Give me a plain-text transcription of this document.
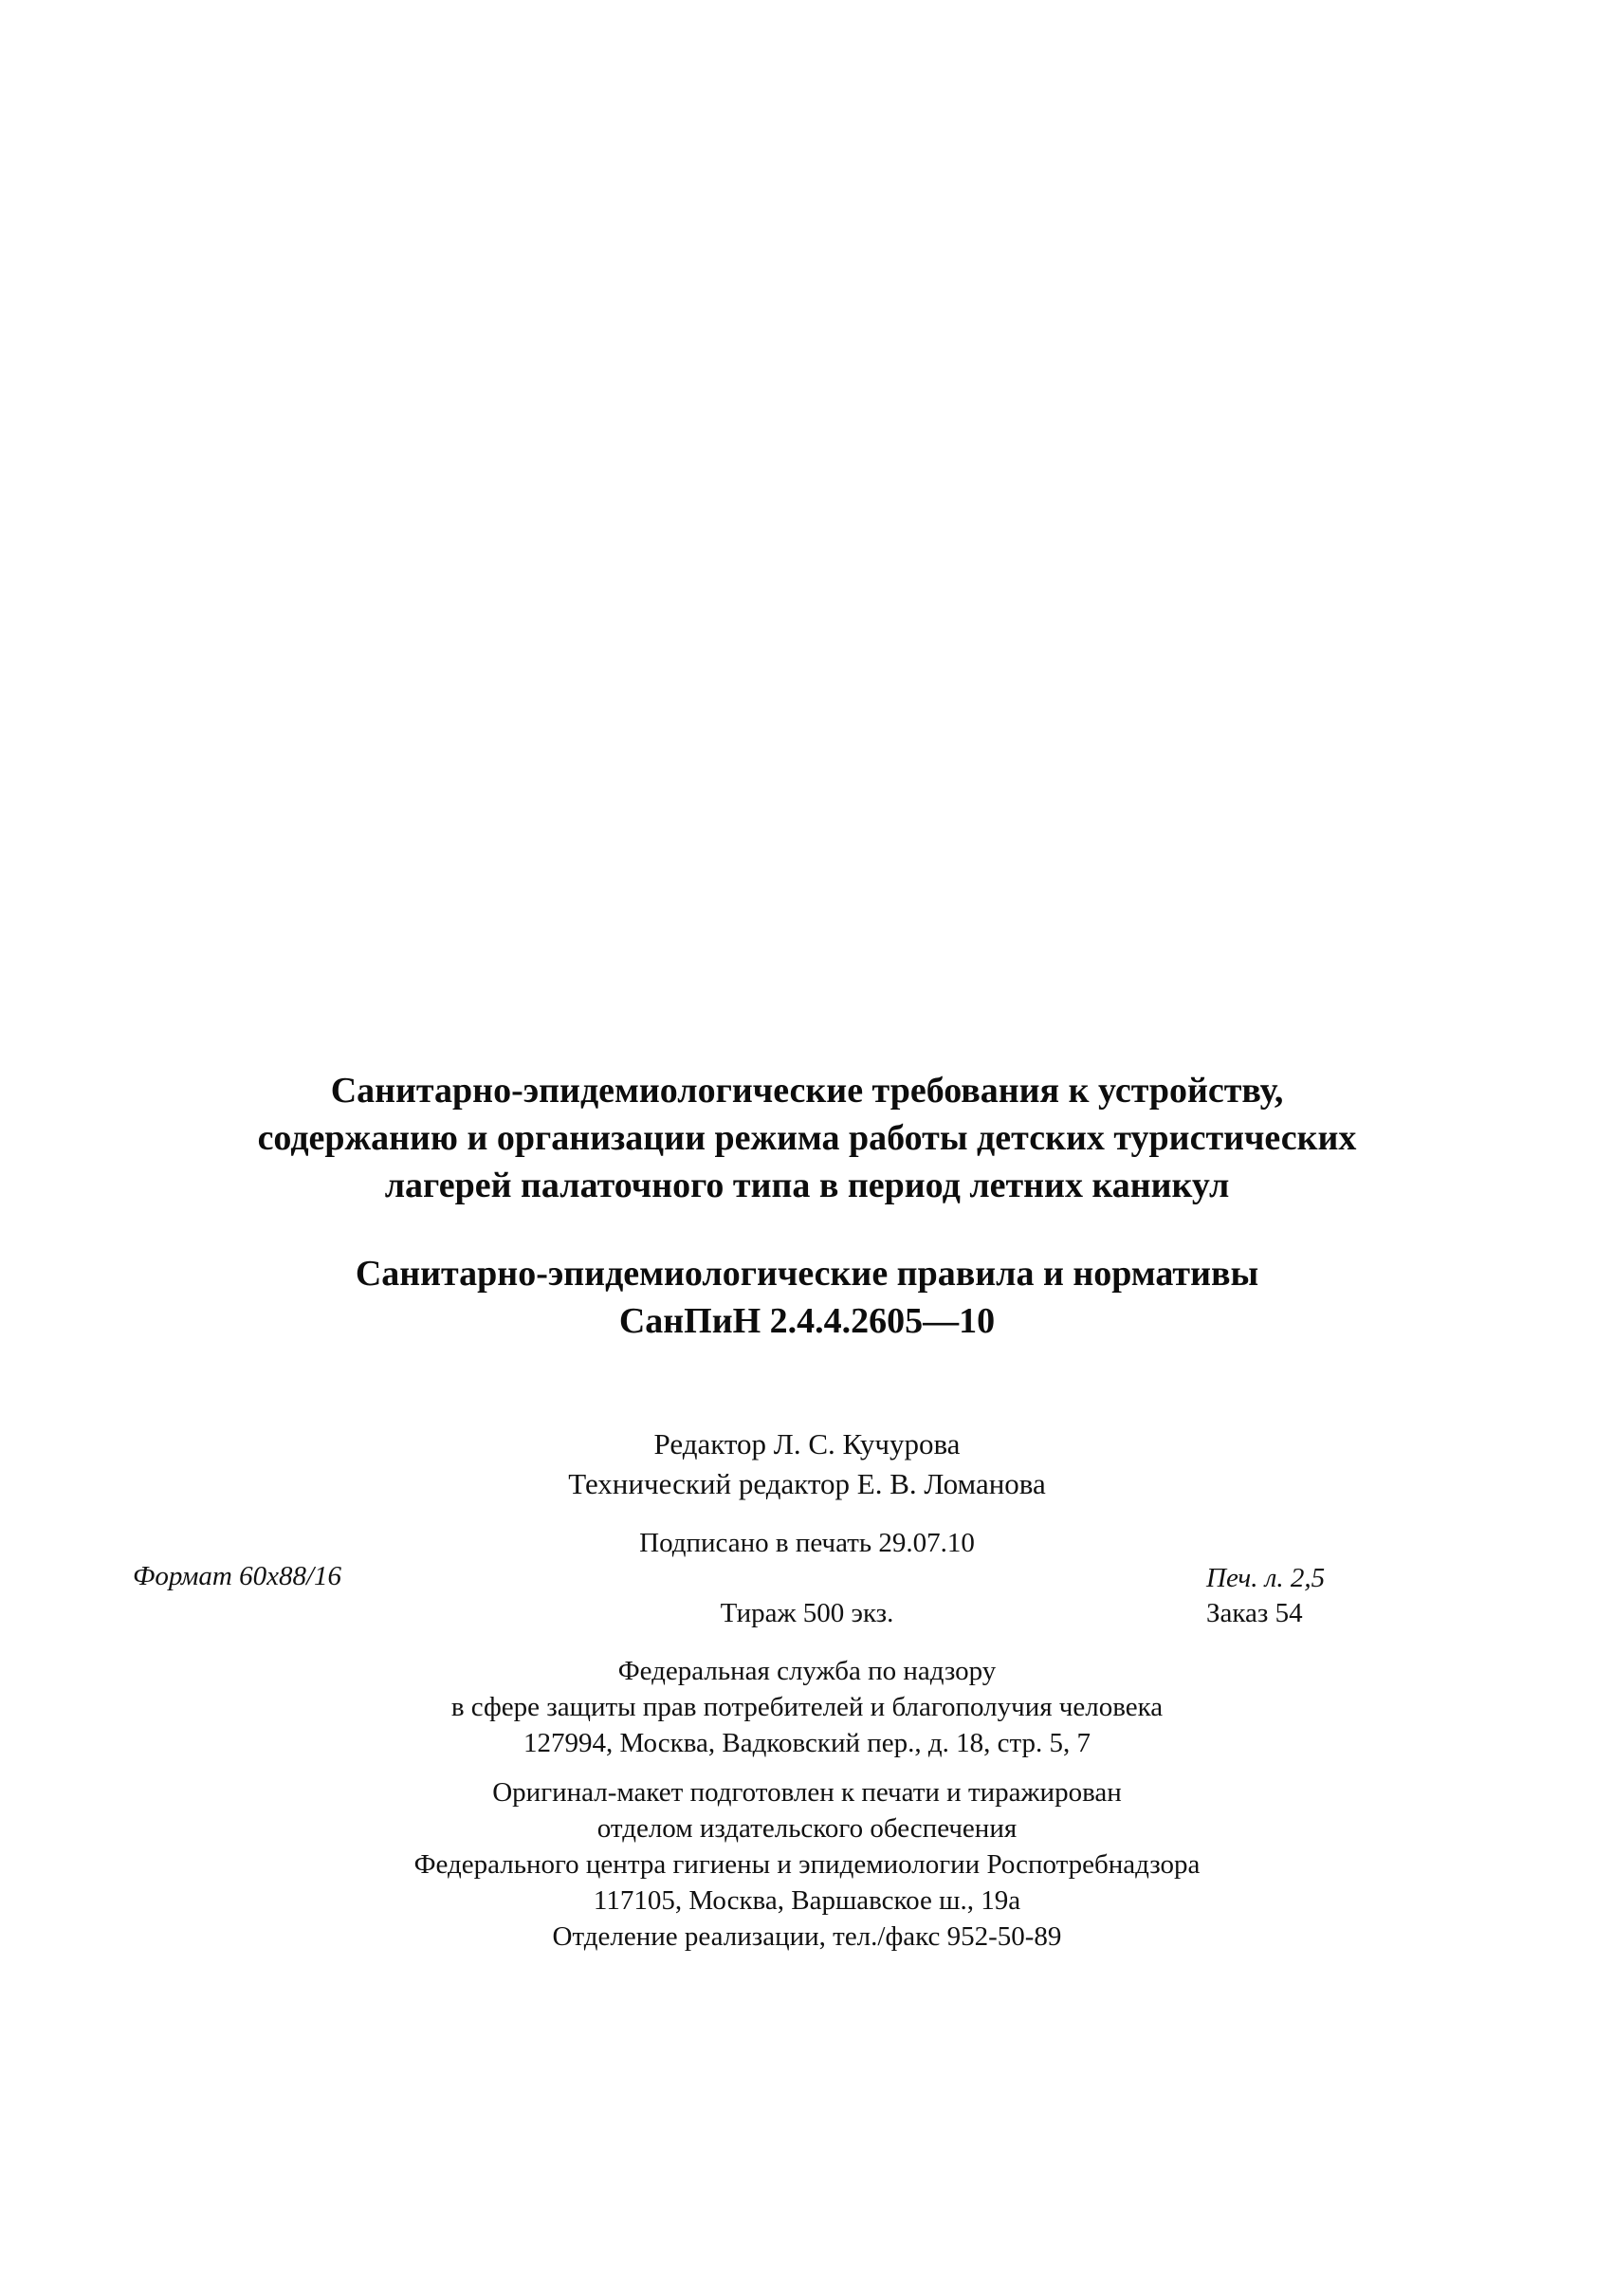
Санитарно-эпидемиологические требования к устройству,
содержанию и организации режима работы детских туристических
лагерей палаточного типа в период летних каникул
Санитарно-эпидемиологические правила и нормативы
СанПиН 2.4.4.2605—10
Редактор Л. С. Кучурова
Технический редактор Е. В. Ломанова
Подписано в печать 29.07.10
Формат 60х88/16	Печ. л. 2,5
Тираж 500 экз.	Заказ 54
Федеральная служба по надзору
в сфере защиты прав потребителей и благополучия человека
127994, Москва, Вадковский пер., д. 18, стр. 5, 7
Оригинал-макет подготовлен к печати и тиражирован
отделом издательского обеспечения
Федерального центра гигиены и эпидемиологии Роспотребнадзора
117105, Москва, Варшавское ш., 19а
Отделение реализации, тел./факс 952-50-89
